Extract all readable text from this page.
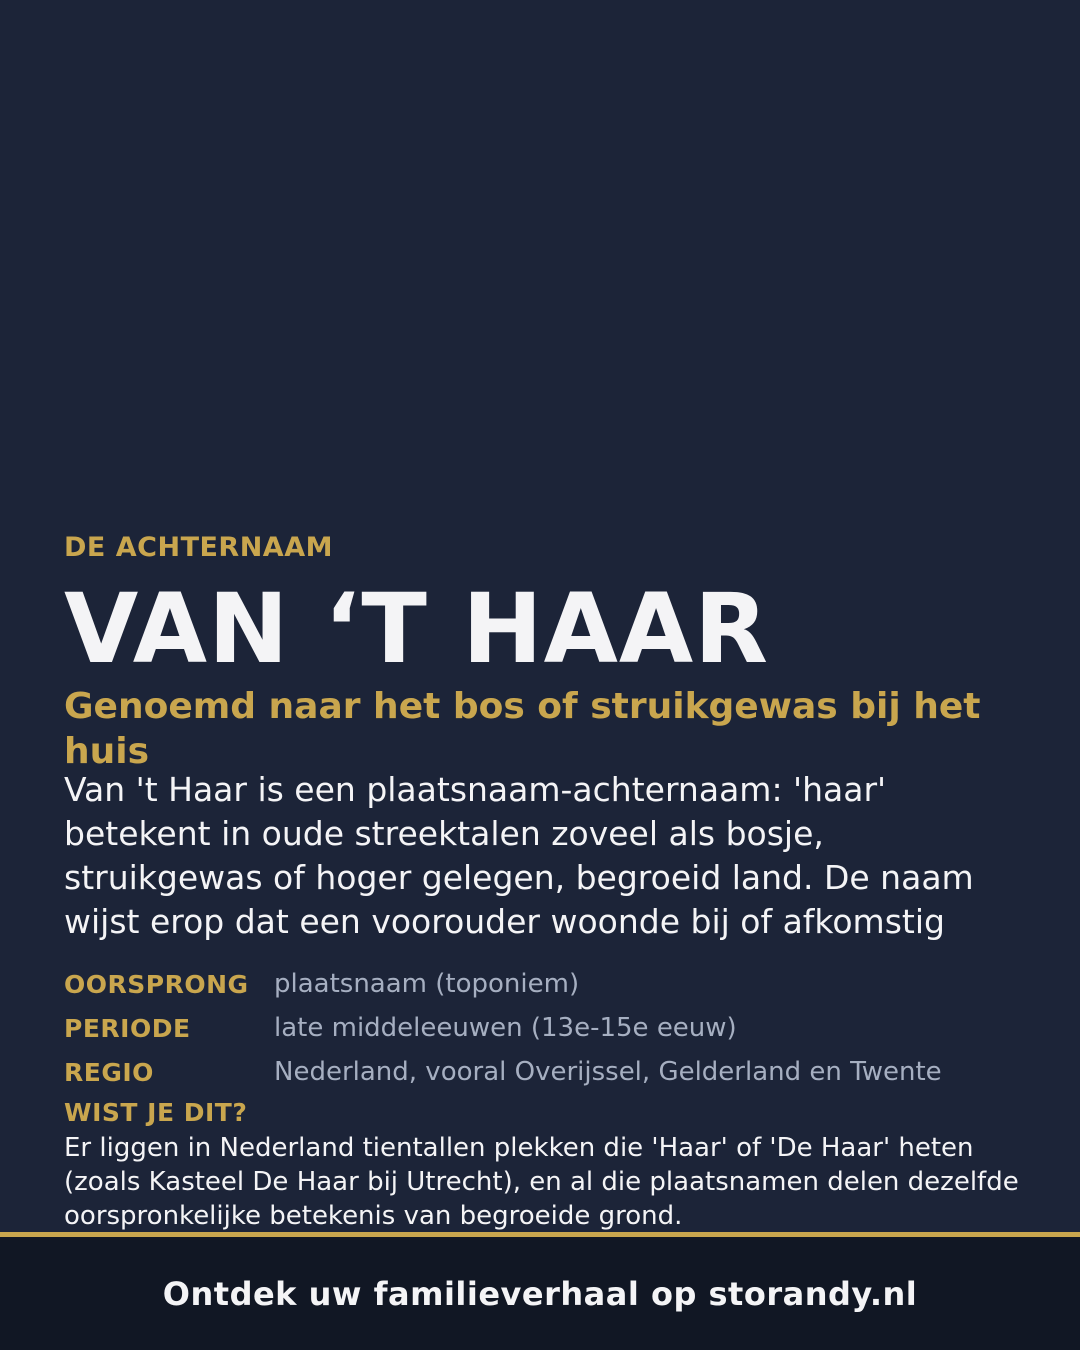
DE ACHTERNAAM
VAN ‘T HAAR
Genoemd naar het bos of struikgewas bij het huis
Van 't Haar is een plaatsnaam-achternaam: 'haar' betekent in oude streektalen zoveel als bosje, struikgewas of hoger gelegen, begroeid land. De naam wijst erop dat een voorouder woonde bij of afkomstig
OORSPRONG plaatsnaam (toponiem)
PERIODE	late middeleeuwen (13e-15e eeuw)
REGIO	Nederland, vooral Overijssel, Gelderland en Twente
WIST JE DIT?
Er liggen in Nederland tientallen plekken die 'Haar' of 'De Haar' heten (zoals Kasteel De Haar bij Utrecht), en al die plaatsnamen delen dezelfde oorspronkelijke betekenis van begroeide grond.
Ontdek uw familieverhaal op storandy.nl
